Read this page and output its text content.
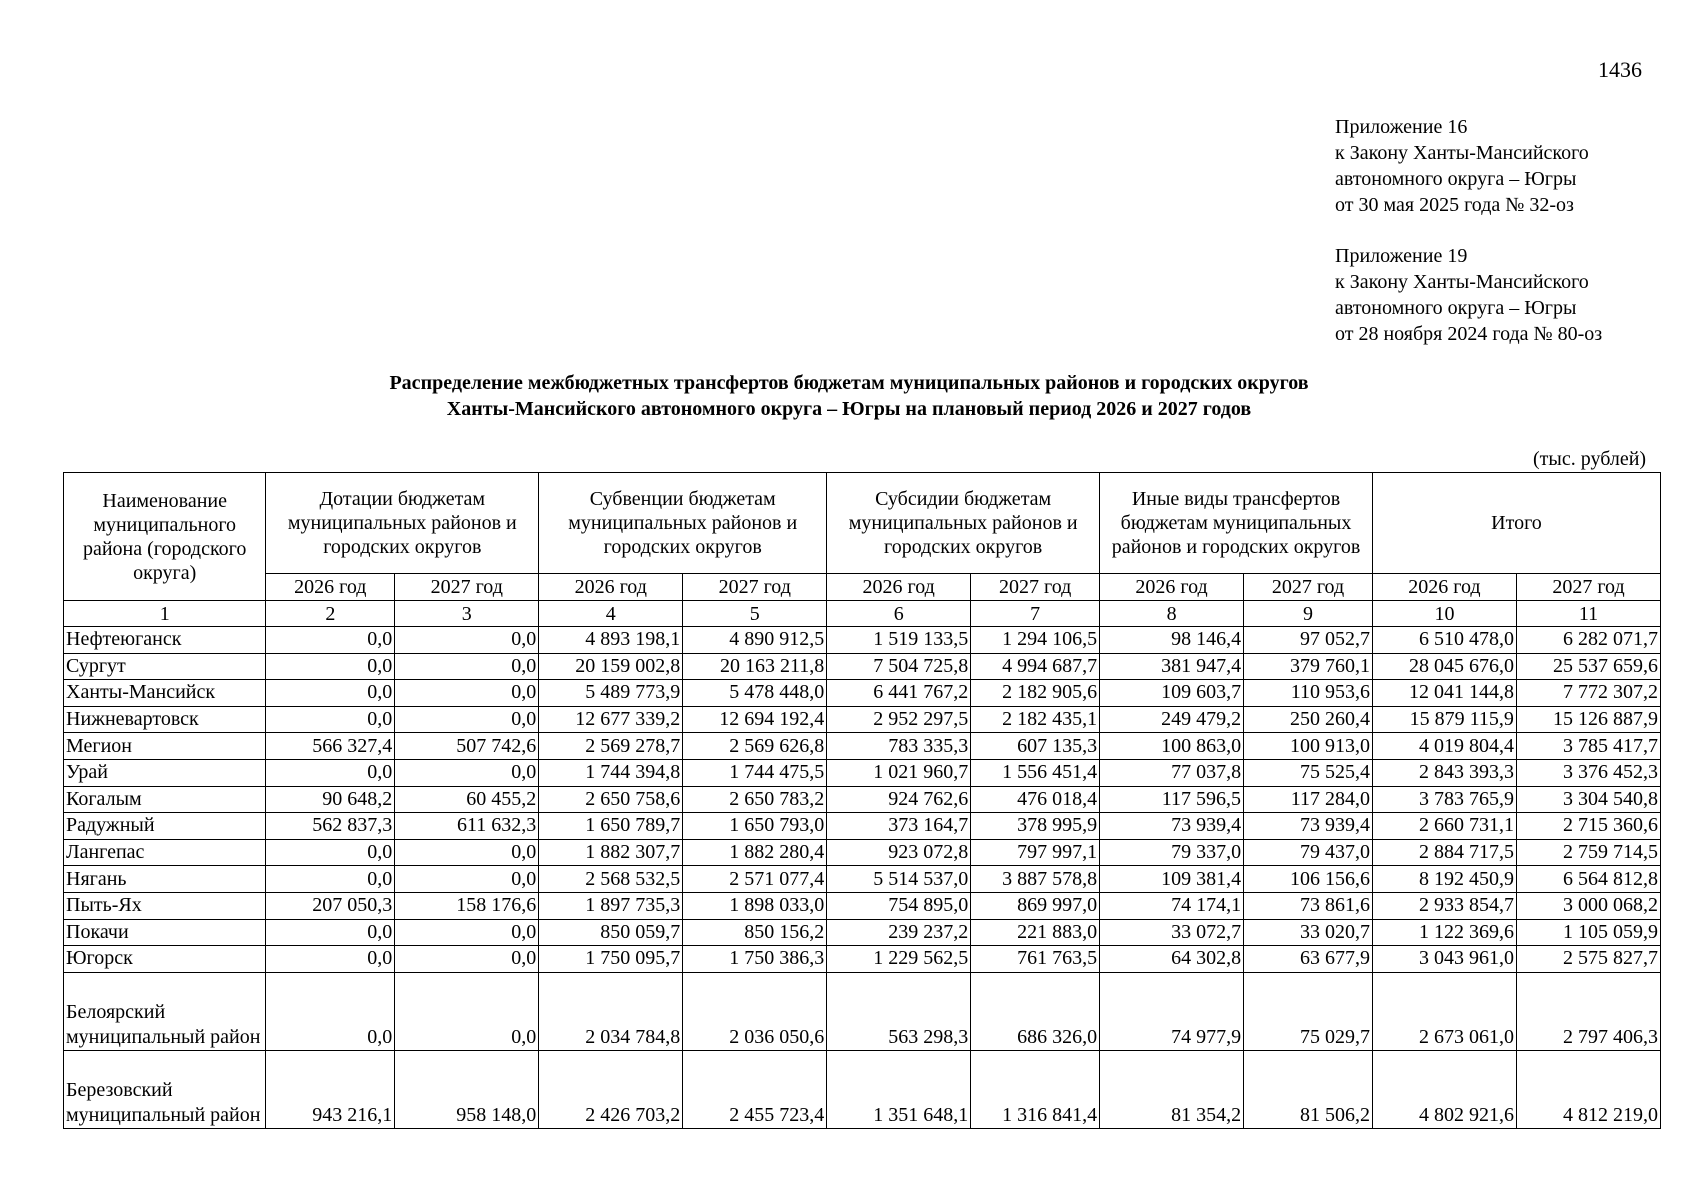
1436
Приложение 16
к Закону Ханты-Мансийского
автономного округа – Югры
от 30 мая 2025 года № 32-оз
Приложение 19
к Закону Ханты-Мансийского
автономного округа – Югры
от 28 ноября 2024 года № 80-оз
Распределение межбюджетных трансфертов бюджетам муниципальных районов и городских округов
Ханты-Мансийского автономного округа – Югры на плановый период 2026 и 2027 годов
(тыс. рублей)
Наименование муниципального района (городского округа)	Дотации бюджетам муниципальных районов и городских округов		Субвенции бюджетам муниципальных районов и городских округов		Субсидии бюджетам муниципальных районов и городских округов		Иные виды трансфертов бюджетам муниципальных районов и городских округов		Итого	
	2026 год	2027 год	2026 год	2027 год	2026 год	2027 год	2026 год	2027 год	2026 год	2027 год
1	2	3	4	5	6	7	8	9	10	11
Нефтеюганск	0,0	0,0	4 893 198,1	4 890 912,5	1 519 133,5	1 294 106,5	98 146,4	97 052,7	6 510 478,0	6 282 071,7
Сургут	0,0	0,0	20 159 002,8	20 163 211,8	7 504 725,8	4 994 687,7	381 947,4	379 760,1	28 045 676,0	25 537 659,6
Ханты-Мансийск	0,0	0,0	5 489 773,9	5 478 448,0	6 441 767,2	2 182 905,6	109 603,7	110 953,6	12 041 144,8	7 772 307,2
Нижневартовск	0,0	0,0	12 677 339,2	12 694 192,4	2 952 297,5	2 182 435,1	249 479,2	250 260,4	15 879 115,9	15 126 887,9
Мегион	566 327,4	507 742,6	2 569 278,7	2 569 626,8	783 335,3	607 135,3	100 863,0	100 913,0	4 019 804,4	3 785 417,7
Урай	0,0	0,0	1 744 394,8	1 744 475,5	1 021 960,7	1 556 451,4	77 037,8	75 525,4	2 843 393,3	3 376 452,3
Когалым	90 648,2	60 455,2	2 650 758,6	2 650 783,2	924 762,6	476 018,4	117 596,5	117 284,0	3 783 765,9	3 304 540,8
Радужный	562 837,3	611 632,3	1 650 789,7	1 650 793,0	373 164,7	378 995,9	73 939,4	73 939,4	2 660 731,1	2 715 360,6
Лангепас	0,0	0,0	1 882 307,7	1 882 280,4	923 072,8	797 997,1	79 337,0	79 437,0	2 884 717,5	2 759 714,5
Нягань	0,0	0,0	2 568 532,5	2 571 077,4	5 514 537,0	3 887 578,8	109 381,4	106 156,6	8 192 450,9	6 564 812,8
Пыть-Ях	207 050,3	158 176,6	1 897 735,3	1 898 033,0	754 895,0	869 997,0	74 174,1	73 861,6	2 933 854,7	3 000 068,2
Покачи	0,0	0,0	850 059,7	850 156,2	239 237,2	221 883,0	33 072,7	33 020,7	1 122 369,6	1 105 059,9
Югорск	0,0	0,0	1 750 095,7	1 750 386,3	1 229 562,5	761 763,5	64 302,8	63 677,9	3 043 961,0	2 575 827,7
Белоярский муниципальный район	0,0	0,0	2 034 784,8	2 036 050,6	563 298,3	686 326,0	74 977,9	75 029,7	2 673 061,0	2 797 406,3
Березовский муниципальный район	943 216,1	958 148,0	2 426 703,2	2 455 723,4	1 351 648,1	1 316 841,4	81 354,2	81 506,2	4 802 921,6	4 812 219,0
